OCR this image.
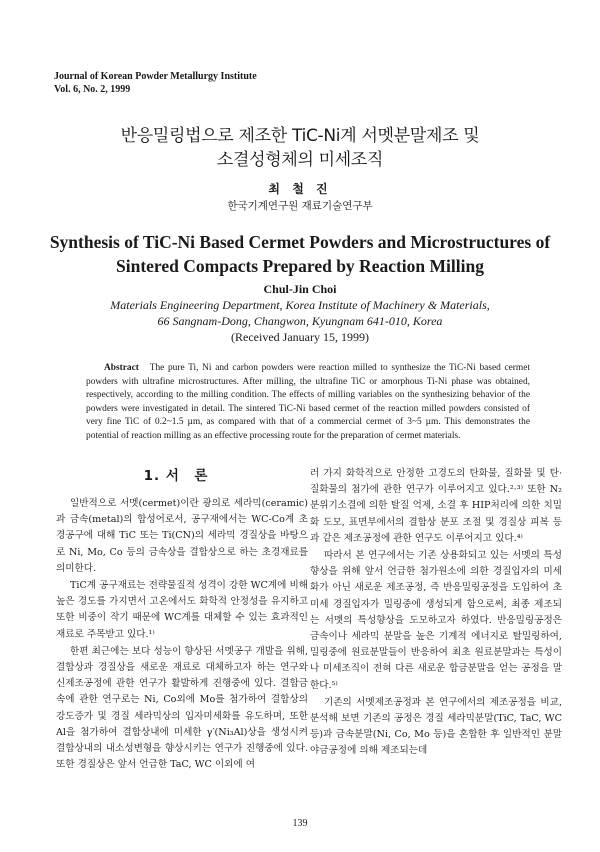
Journal of Korean Powder Metallurgy Institute
Vol. 6, No. 2, 1999
반응밀링법으로 제조한 TiC-Ni계 서멧분말제조 및
소결성형체의 미세조직
최 철 진
한국기계연구원 재료기술연구부
Synthesis of TiC-Ni Based Cermet Powders and Microstructures of
Sintered Compacts Prepared by Reaction Milling
Chul-Jin Choi
Materials Engineering Department, Korea Institute of Machinery & Materials,
66 Sangnam-Dong, Changwon, Kyungnam 641-010, Korea
(Received January 15, 1999)
Abstract The pure Ti, Ni and carbon powders were reaction milled to synthesize the TiC-Ni based cermet powders with ultrafine microstructures. After milling, the ultrafine TiC or amorphous Ti-Ni phase was obtained, respectively, according to the milling condition. The effects of milling variables on the synthesizing behavior of the powders were investigated in detail. The sintered TiC-Ni based cermet of the reaction milled powders consisted of very fine TiC of 0.2~1.5 µm, as compared with that of a commercial cermet of 3~5 µm. This demonstrates the potential of reaction milling as an effective processing route for the preparation of cermet materials.
1. 서　론

일반적으로 서멧(cermet)이란 광의로 세라믹(ceramic)과 금속(metal)의 합성어로서, 공구재에서는 WC-Co계 초경공구에 대해 TiC 또는 Ti(CN)의 세라믹 경질상을 바탕으로 Ni, Mo, Co 등의 금속상을 결합상으로 하는 초경재료를 의미한다.

TiC계 공구재료는 전략물질적 성격이 강한 WC계에 비해 높은 경도를 가지면서 고온에서도 화학적 안정성을 유지하고 또한 비중이 작기 때문에 WC계를 대체할 수 있는 효과적인 재료로 주목받고 있다.¹⁾

한편 최근에는 보다 성능이 향상된 서멧공구 개발을 위해, 결합상과 경질상을 새로운 재료로 대체하고자 하는 연구와 신제조공정에 관한 연구가 활발하게 진행중에 있다. 결합금속에 관한 연구로는 Ni, Co외에 Mo를 첨가하여 결합상의 강도증가 및 경질 세라믹상의 입자미세화를 유도하며, 또한 Al을 첨가하여 결합상내에 미세한 γ′(Ni₃Al)상을 생성시켜 결합상내의 내소성변형을 향상시키는 연구가 진행중에 있다. 또한 경질상은 앞서 언급한 TaC, WC 이외에 여

러 가지 화학적으로 안정한 고경도의 탄화물, 질화물 및 탄·질화물의 첨가에 관한 연구가 이루어지고 있다.²·³⁾ 또한 N₂ 분위기소결에 의한 탈질 억제, 소결 후 HIP처리에 의한 치밀화 도모, 표면부에서의 결합상 분포 조절 및 경질상 피복 등과 같은 제조공정에 관한 연구도 이루어지고 있다.⁴⁾

따라서 본 연구에서는 기존 상용화되고 있는 서멧의 특성향상을 위해 앞서 언급한 첨가원소에 의한 경질입자의 미세화가 아닌 새로운 제조공정, 즉 반응밀링공정을 도입하여 초미세 경질입자가 밀링중에 생성되게 함으로써, 최종 제조되는 서멧의 특성향상을 도모하고자 하였다. 반응밀링공정은 금속이나 세라믹 분말을 높은 기계적 에너지로 탈밀링하여, 밀링중에 원료분말들이 반응하여 최초 원료분말과는 특성이나 미세조직이 전혀 다른 새로운 합금분말을 얻는 공정을 말한다.⁵⁾

기존의 서멧제조공정과 본 연구에서의 제조공정을 비교, 분석해 보면 기존의 공정은 경질 세라믹분말(TiC, TaC, WC 등)과 금속분말(Ni, Co, Mo 등)을 혼합한 후 일반적인 분말야금공정에 의해 제조되는데

139
